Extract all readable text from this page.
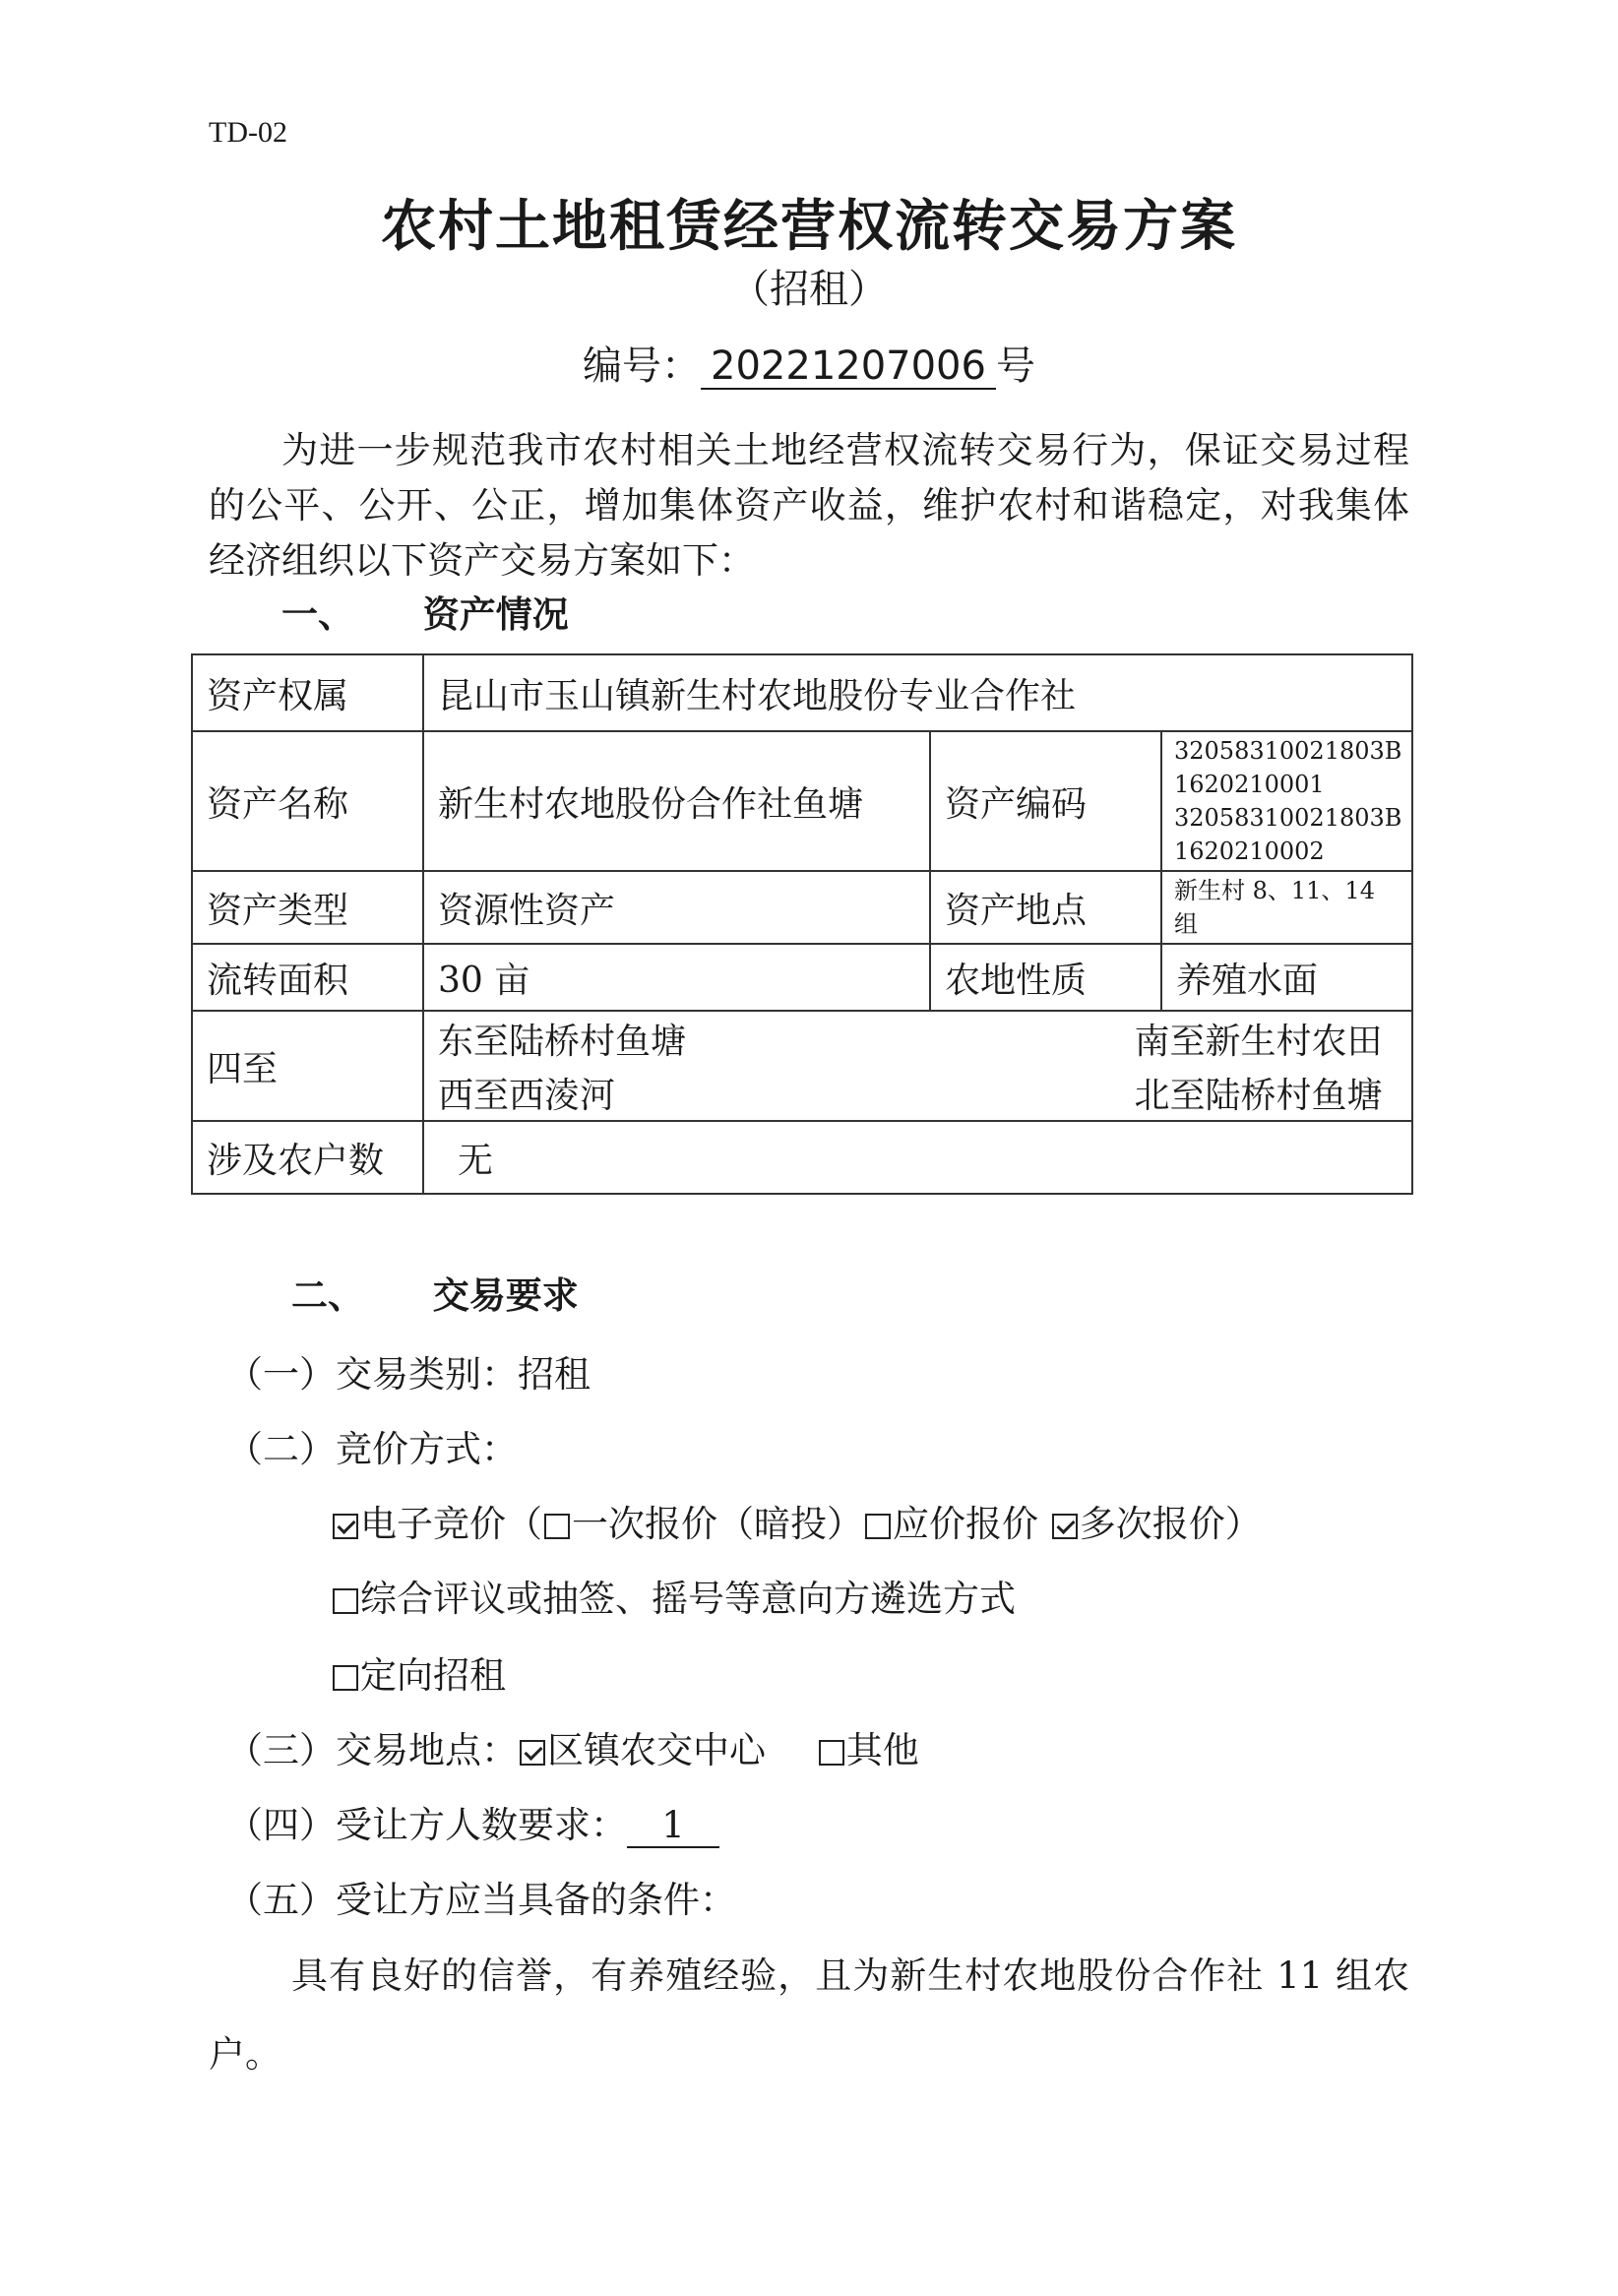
TD-02
农村土地租赁经营权流转交易方案
（招租）
编号： 20221207006 号
为进一步规范我市农村相关土地经营权流转交易行为，保证交易过程的公平、公开、公正，增加集体资产收益，维护农村和谐稳定，对我集体经济组织以下资产交易方案如下：
一、 资产情况
资产权属	昆山市玉山镇新生村农地股份专业合作社		
资产名称	新生村农地股份合作社鱼塘	资产编码	32058310021803B
1620210001
32058310021803B
1620210002

资产类型	资源性资产	资产地点	新生村 8、11、14 组
流转面积	30 亩	农地性质	养殖水面
四至	东至陆桥村鱼塘 南至新生村农田
西至西淩河 北至陆桥村鱼塘		

涉及农户数	无		
二、 交易要求
（一）交易类别：招租
（二）竞价方式：
电子竞价（ 一次报价（暗投） 应价报价 多次报价）
综合评议或抽签、摇号等意向方遴选方式
定向招租
（三）交易地点： 区镇农交中心 其他
（四）受让方人数要求： 1
（五）受让方应当具备的条件：
具有良好的信誉，有养殖经验，且为新生村农地股份合作社 11 组农户。
